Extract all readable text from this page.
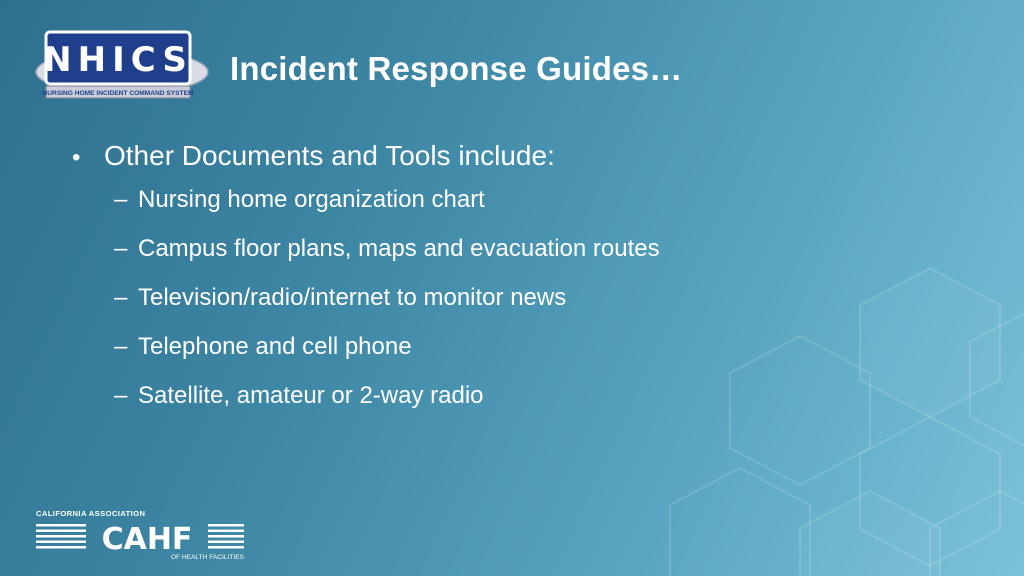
NHICS
NURSING HOME INCIDENT COMMAND SYSTEM
Incident Response Guides…
• Other Documents and Tools include:
– Nursing home organization chart
– Campus floor plans, maps and evacuation routes
– Television/radio/internet to monitor news
– Telephone and cell phone
– Satellite, amateur or 2-way radio
CALIFORNIA ASSOCIATION
CAHF
OF HEALTH FACILITIES
